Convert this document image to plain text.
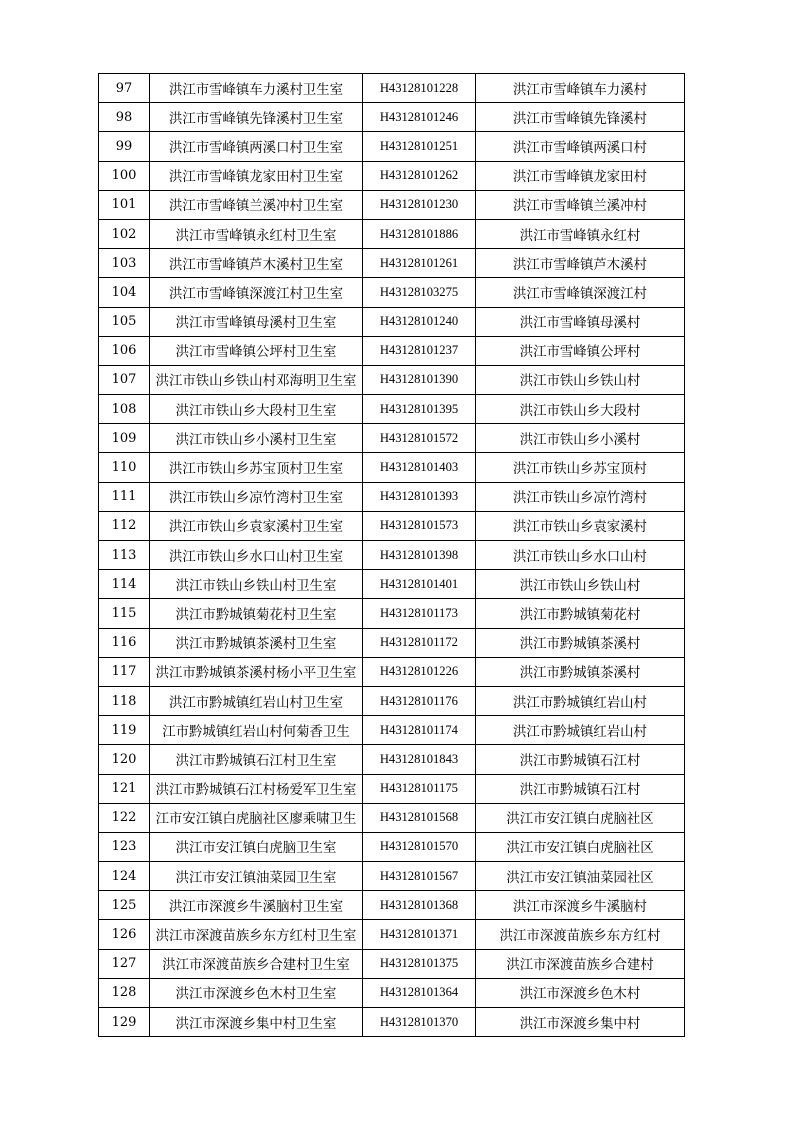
97	洪江市雪峰镇车力溪村卫生室	H43128101228	洪江市雪峰镇车力溪村
98	洪江市雪峰镇先锋溪村卫生室	H43128101246	洪江市雪峰镇先锋溪村
99	洪江市雪峰镇两溪口村卫生室	H43128101251	洪江市雪峰镇两溪口村
100	洪江市雪峰镇龙家田村卫生室	H43128101262	洪江市雪峰镇龙家田村
101	洪江市雪峰镇兰溪冲村卫生室	H43128101230	洪江市雪峰镇兰溪冲村
102	洪江市雪峰镇永红村卫生室	H43128101886	洪江市雪峰镇永红村
103	洪江市雪峰镇芦木溪村卫生室	H43128101261	洪江市雪峰镇芦木溪村
104	洪江市雪峰镇深渡江村卫生室	H43128103275	洪江市雪峰镇深渡江村
105	洪江市雪峰镇母溪村卫生室	H43128101240	洪江市雪峰镇母溪村
106	洪江市雪峰镇公坪村卫生室	H43128101237	洪江市雪峰镇公坪村
107	洪江市铁山乡铁山村邓海明卫生室	H43128101390	洪江市铁山乡铁山村
108	洪江市铁山乡大段村卫生室	H43128101395	洪江市铁山乡大段村
109	洪江市铁山乡小溪村卫生室	H43128101572	洪江市铁山乡小溪村
110	洪江市铁山乡苏宝顶村卫生室	H43128101403	洪江市铁山乡苏宝顶村
111	洪江市铁山乡凉竹湾村卫生室	H43128101393	洪江市铁山乡凉竹湾村
112	洪江市铁山乡袁家溪村卫生室	H43128101573	洪江市铁山乡袁家溪村
113	洪江市铁山乡水口山村卫生室	H43128101398	洪江市铁山乡水口山村
114	洪江市铁山乡铁山村卫生室	H43128101401	洪江市铁山乡铁山村
115	洪江市黔城镇菊花村卫生室	H43128101173	洪江市黔城镇菊花村
116	洪江市黔城镇茶溪村卫生室	H43128101172	洪江市黔城镇茶溪村
117	洪江市黔城镇茶溪村杨小平卫生室	H43128101226	洪江市黔城镇茶溪村
118	洪江市黔城镇红岩山村卫生室	H43128101176	洪江市黔城镇红岩山村
119	江市黔城镇红岩山村何菊香卫生	H43128101174	洪江市黔城镇红岩山村
120	洪江市黔城镇石江村卫生室	H43128101843	洪江市黔城镇石江村
121	洪江市黔城镇石江村杨爱军卫生室	H43128101175	洪江市黔城镇石江村
122	江市安江镇白虎脑社区廖乘啸卫生	H43128101568	洪江市安江镇白虎脑社区
123	洪江市安江镇白虎脑卫生室	H43128101570	洪江市安江镇白虎脑社区
124	洪江市安江镇油菜园卫生室	H43128101567	洪江市安江镇油菜园社区
125	洪江市深渡乡牛溪脑村卫生室	H43128101368	洪江市深渡乡牛溪脑村
126	洪江市深渡苗族乡东方红村卫生室	H43128101371	洪江市深渡苗族乡东方红村
127	洪江市深渡苗族乡合建村卫生室	H43128101375	洪江市深渡苗族乡合建村
128	洪江市深渡乡色木村卫生室	H43128101364	洪江市深渡乡色木村
129	洪江市深渡乡集中村卫生室	H43128101370	洪江市深渡乡集中村
